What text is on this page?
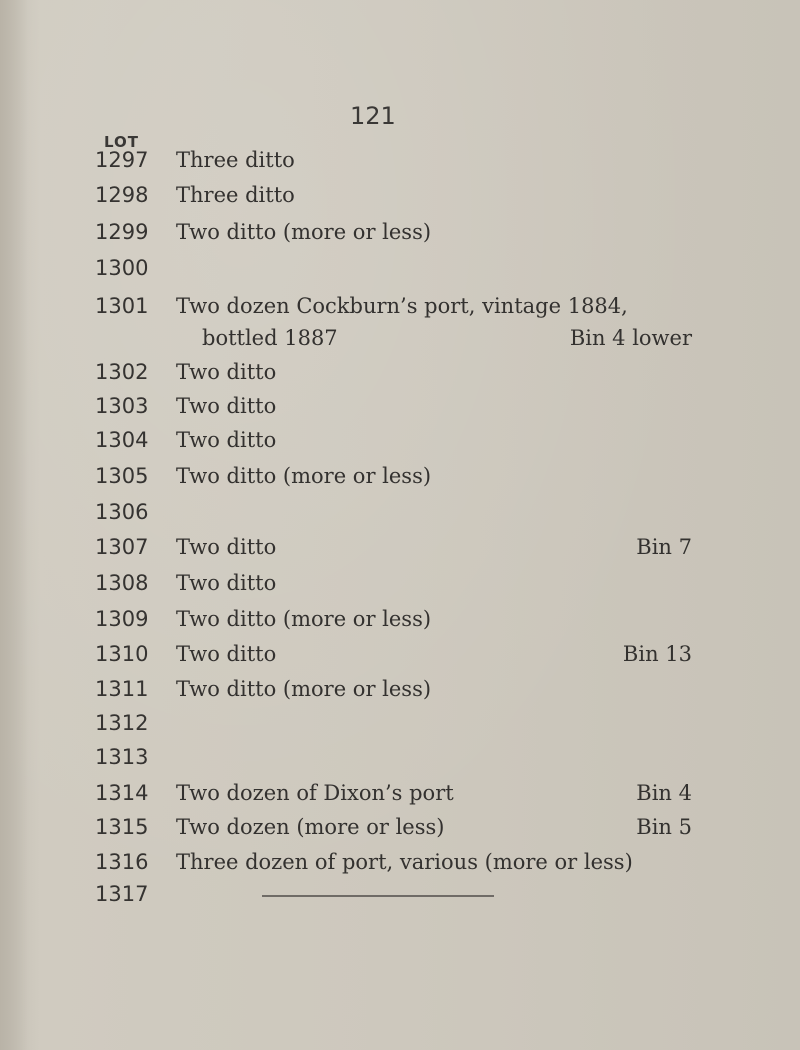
121
LOT
1297 Three ditto
1298 Three ditto
1299 Two ditto (more or less)
1300
1301 Two dozen Cockburn’s port, vintage 1884,
bottled 1887	Bin 4 lower
1302 Two ditto
1303 Two ditto
1304 Two ditto
1305 Two ditto (more or less)
1306
1307 Two ditto	Bin 7
1308 Two ditto
1309 Two ditto (more or less)
1310 Two ditto	Bin 13
1311 Two ditto (more or less)
1312
1313
1314 Two dozen of Dixon’s port	Bin 4
1315 Two dozen (more or less)	Bin 5
1316 Three dozen of port, various (more or less)
1317
